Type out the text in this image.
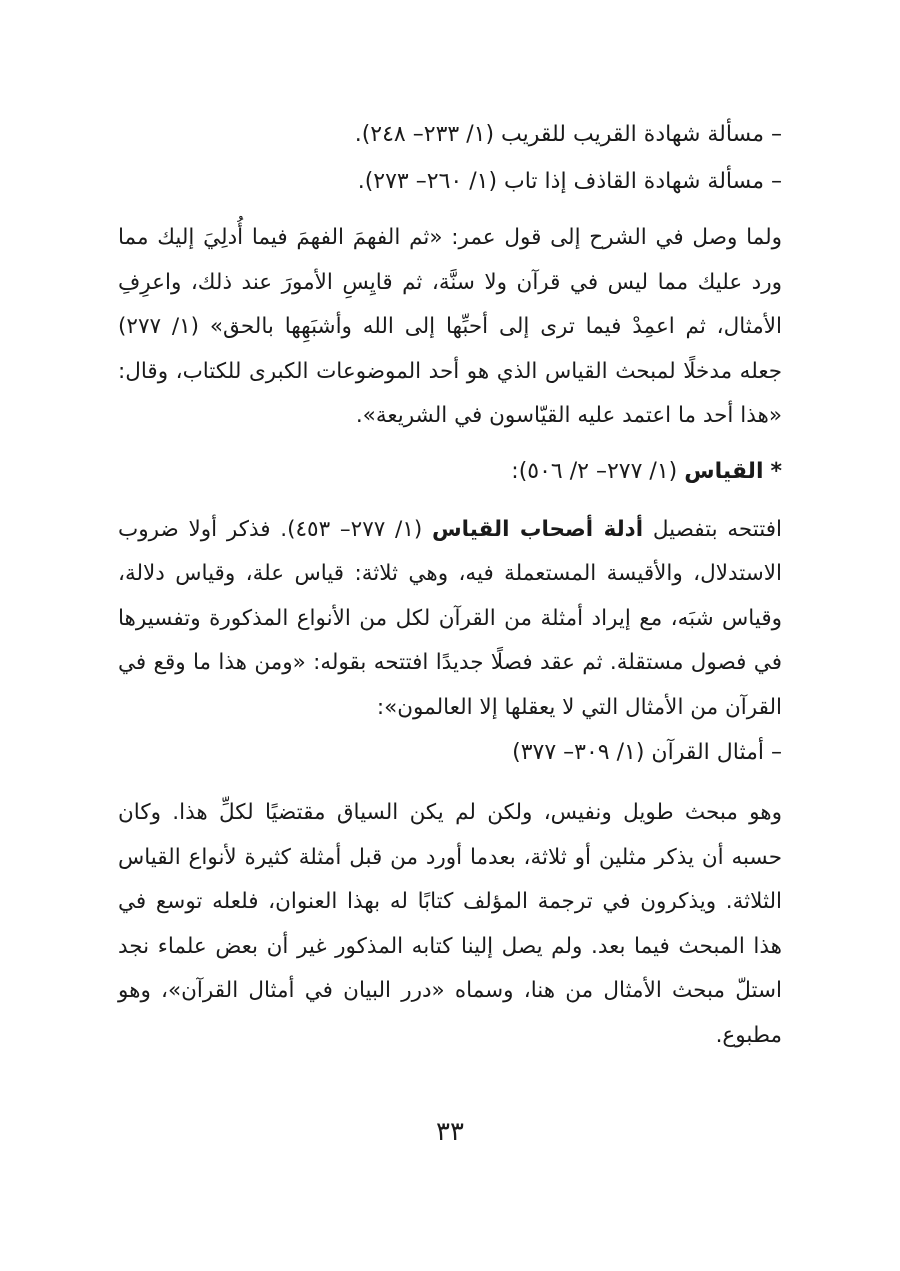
– مسألة شهادة القريب للقريب (١/ ٢٣٣– ٢٤٨).

– مسألة شهادة القاذف إذا تاب (١/ ٢٦٠– ٢٧٣).

ولما وصل في الشرح إلى قول عمر: «ثم الفهمَ الفهمَ فيما أُدلِيَ إليك مما ورد عليك مما ليس في قرآن ولا سنَّة، ثم قايِسِ الأمورَ عند ذلك، واعرِفِ الأمثال، ثم اعمِدْ فيما ترى إلى أحبِّها إلى الله وأشبَهِها بالحق» (١/ ٢٧٧) جعله مدخلًا لمبحث القياس الذي هو أحد الموضوعات الكبرى للكتاب، وقال: «هذا أحد ما اعتمد عليه القيّاسون في الشريعة».

* القياس (١/ ٢٧٧– ٢/ ٥٠٦):

افتتحه بتفصيل أدلة أصحاب القياس (١/ ٢٧٧– ٤٥٣). فذكر أولا ضروب الاستدلال، والأقيسة المستعملة فيه، وهي ثلاثة: قياس علة، وقياس دلالة، وقياس شبَه، مع إيراد أمثلة من القرآن لكل من الأنواع المذكورة وتفسيرها في فصول مستقلة. ثم عقد فصلًا جديدًا افتتحه بقوله: «ومن هذا ما وقع في القرآن من الأمثال التي لا يعقلها إلا العالمون»:

– أمثال القرآن (١/ ٣٠٩– ٣٧٧)

وهو مبحث طويل ونفيس، ولكن لم يكن السياق مقتضيًا لكلِّ هذا. وكان حسبه أن يذكر مثلين أو ثلاثة، بعدما أورد من قبل أمثلة كثيرة لأنواع القياس الثلاثة. ويذكرون في ترجمة المؤلف كتابًا له بهذا العنوان، فلعله توسع في هذا المبحث فيما بعد. ولم يصل إلينا كتابه المذكور غير أن بعض علماء نجد استلّ مبحث الأمثال من هنا، وسماه «درر البيان في أمثال القرآن»، وهو مطبوع.

٣٣
